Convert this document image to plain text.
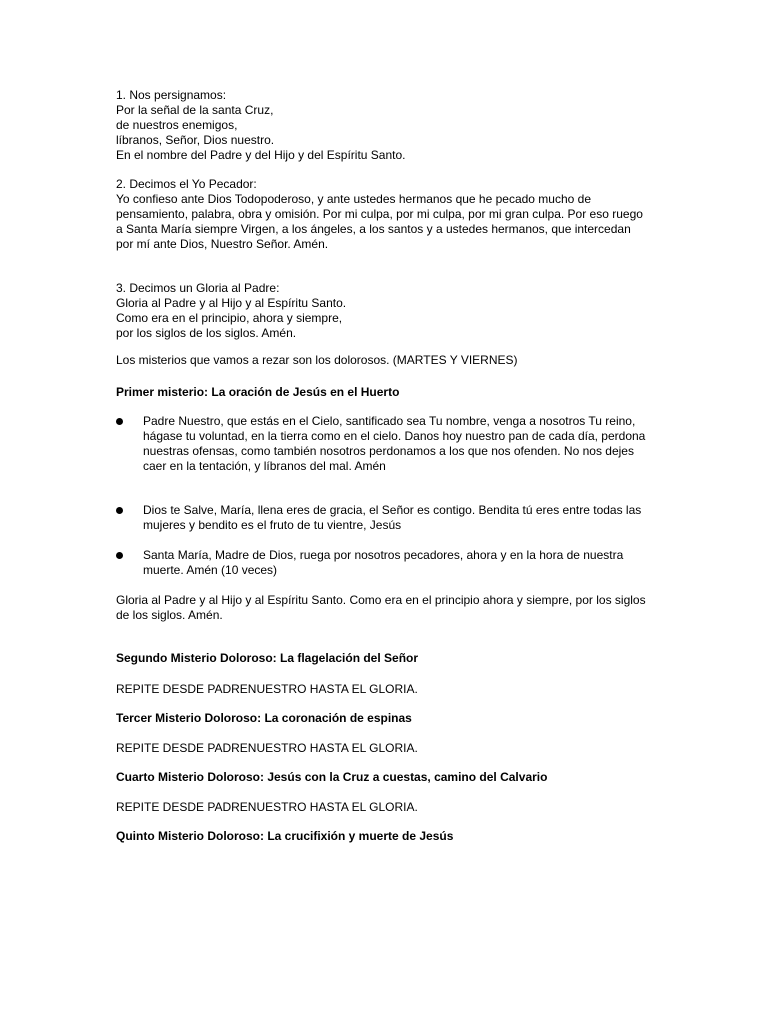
1. Nos persignamos:
Por la señal de la santa Cruz,
de nuestros enemigos,
líbranos, Señor, Dios nuestro.
En el nombre del Padre y del Hijo y del Espíritu Santo.
2. Decimos el Yo Pecador:

Yo confieso ante Dios Todopoderoso, y ante ustedes hermanos que he pecado mucho de pensamiento, palabra, obra y omisión. Por mi culpa, por mi culpa, por mi gran culpa. Por eso ruego a Santa María siempre Virgen, a los ángeles, a los santos y a ustedes hermanos, que intercedan por mí ante Dios, Nuestro Señor. Amén.

3. Decimos un Gloria al Padre:
Gloria al Padre y al Hijo y al Espíritu Santo.
Como era en el principio, ahora y siempre,
por los siglos de los siglos. Amén.

Los misterios que vamos a rezar son los dolorosos. (MARTES Y VIERNES)

Primer misterio: La oración de Jesús en el Huerto

Padre Nuestro, que estás en el Cielo, santificado sea Tu nombre, venga a nosotros Tu reino, hágase tu voluntad, en la tierra como en el cielo. Danos hoy nuestro pan de cada día, perdona nuestras ofensas, como también nosotros perdonamos a los que nos ofenden. No nos dejes caer en la tentación, y líbranos del mal. Amén

Dios te Salve, María, llena eres de gracia, el Señor es contigo. Bendita tú eres entre todas las mujeres y bendito es el fruto de tu vientre, Jesús

Santa María, Madre de Dios, ruega por nosotros pecadores, ahora y en la hora de nuestra muerte. Amén (10 veces)

Gloria al Padre y al Hijo y al Espíritu Santo. Como era en el principio ahora y siempre, por los siglos de los siglos. Amén.

Segundo Misterio Doloroso: La flagelación del Señor

REPITE DESDE PADRENUESTRO HASTA EL GLORIA.

Tercer Misterio Doloroso: La coronación de espinas

REPITE DESDE PADRENUESTRO HASTA EL GLORIA.

Cuarto Misterio Doloroso: Jesús con la Cruz a cuestas, camino del Calvario

REPITE DESDE PADRENUESTRO HASTA EL GLORIA.

Quinto Misterio Doloroso: La crucifixión y muerte de Jesús
